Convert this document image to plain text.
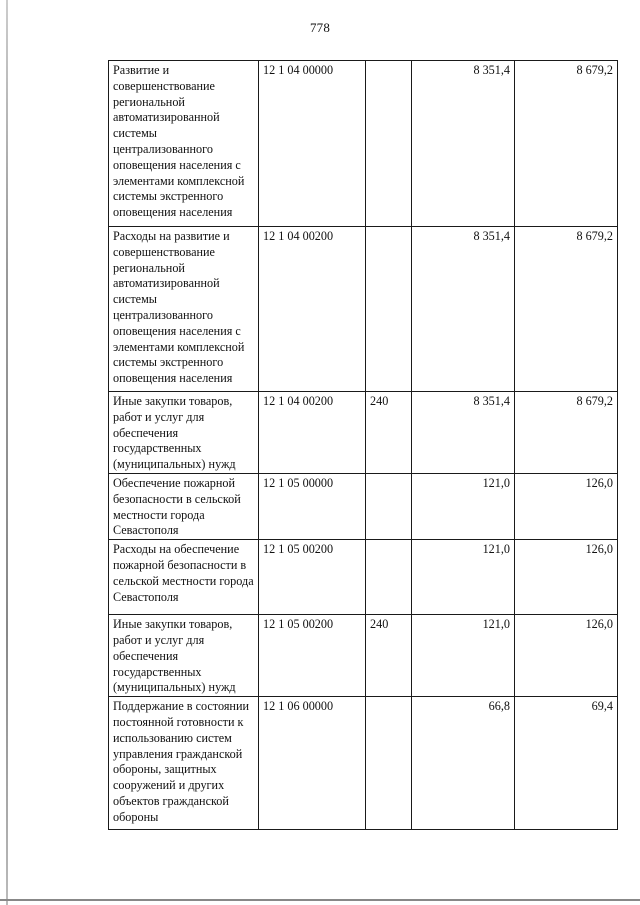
778
Развитие и совершенствование региональной автоматизированной системы централизованного оповещения населения с элементами комплексной системы экстренного оповещения населения	12 1 04 00000		8 351,4	8 679,2
Расходы на развитие и совершенствование региональной автоматизированной системы централизованного оповещения населения с элементами комплексной системы экстренного оповещения населения	12 1 04 00200		8 351,4	8 679,2
Иные закупки товаров, работ и услуг для обеспечения государственных (муниципальных) нужд	12 1 04 00200	240	8 351,4	8 679,2
Обеспечение пожарной безопасности в сельской местности города Севастополя	12 1 05 00000		121,0	126,0
Расходы на обеспечение пожарной безопасности в сельской местности города Севастополя	12 1 05 00200		121,0	126,0
Иные закупки товаров, работ и услуг для обеспечения государственных (муниципальных) нужд	12 1 05 00200	240	121,0	126,0
Поддержание в состоянии постоянной готовности к использованию систем управления гражданской обороны, защитных сооружений и других объектов гражданской обороны	12 1 06 00000		66,8	69,4
